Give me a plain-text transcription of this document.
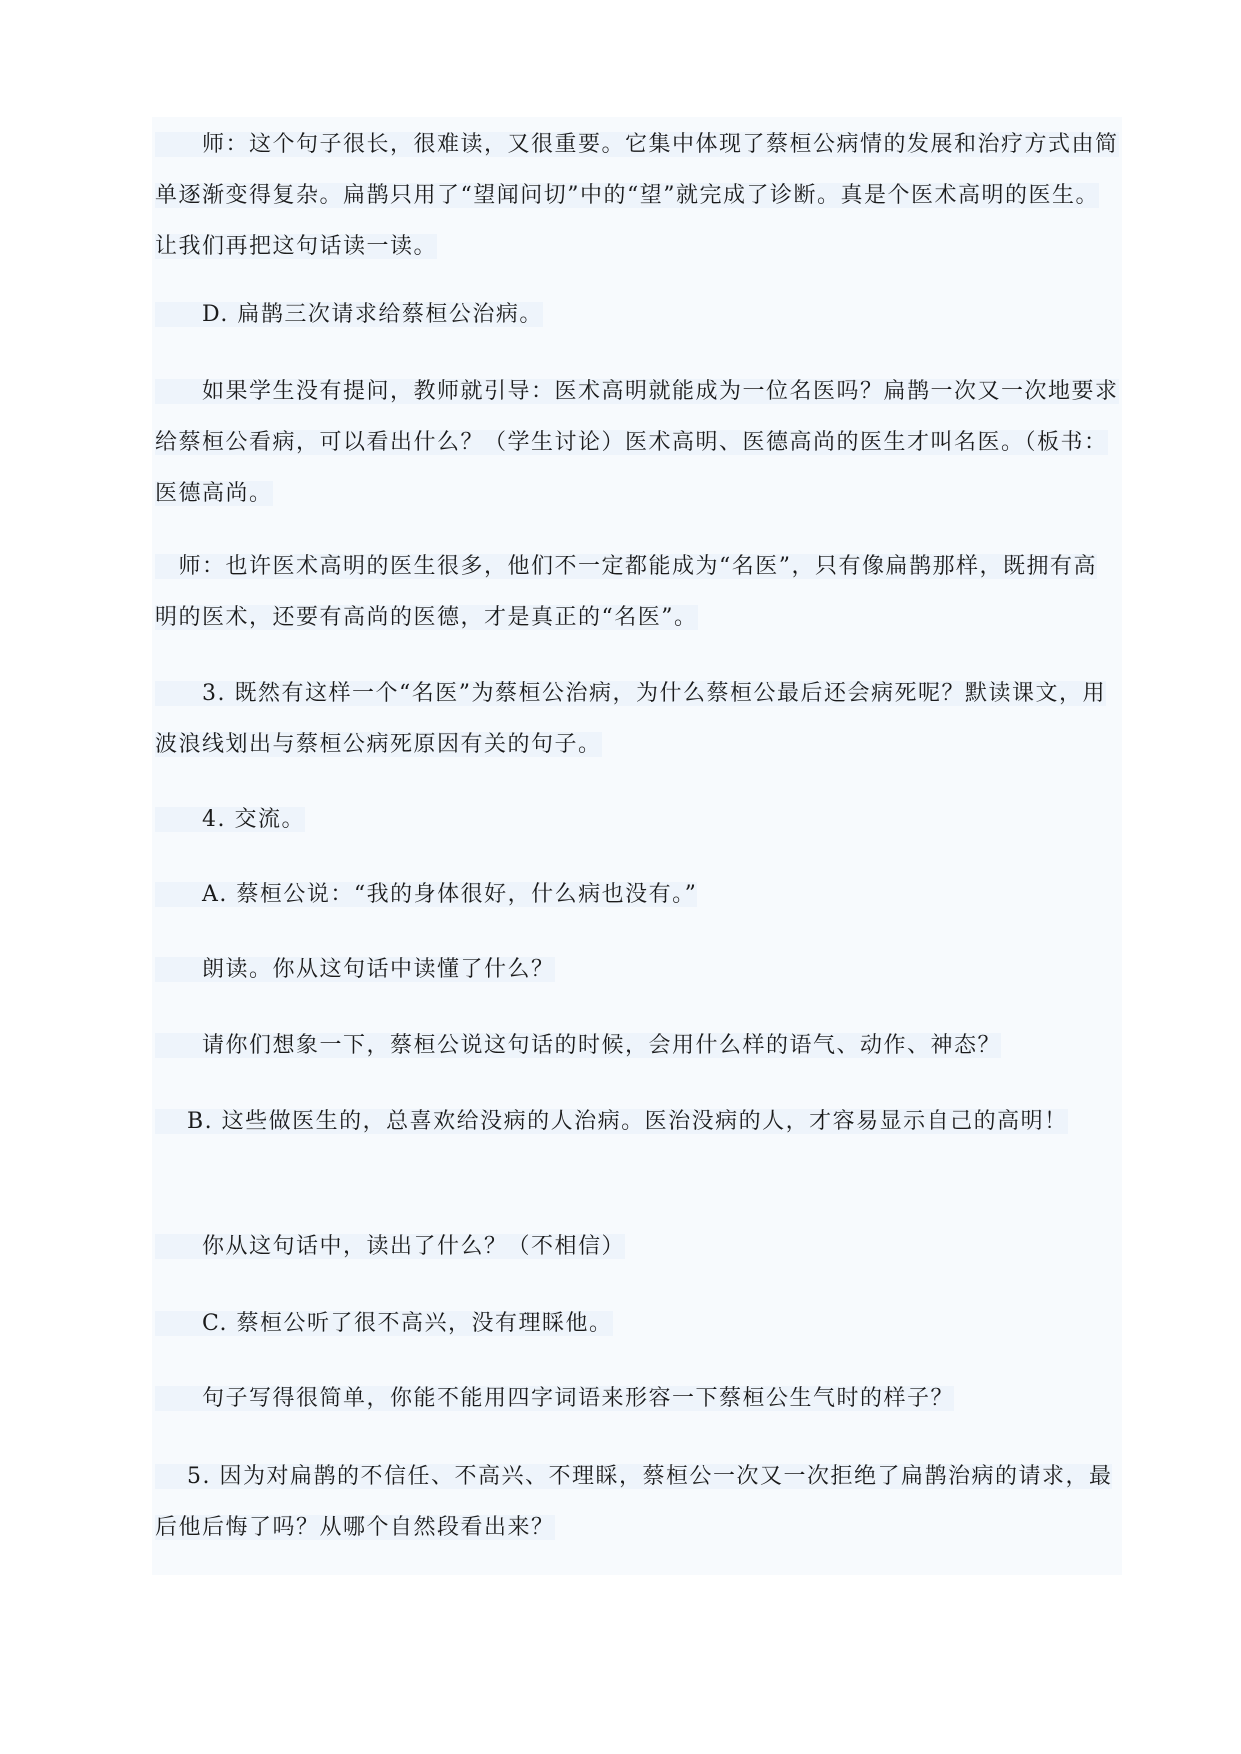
　　师：这个句子很长，很难读，又很重要。它集中体现了蔡桓公病情的发展和治疗方式由简单逐渐变得复杂。扁鹊只用了“望闻问切”中的“望”就完成了诊断。真是个医术高明的医生。让我们再把这句话读一读。
　　D. 扁鹊三次请求给蔡桓公治病。
　　如果学生没有提问，教师就引导：医术高明就能成为一位名医吗？扁鹊一次又一次地要求给蔡桓公看病，可以看出什么？（学生讨论）医术高明、医德高尚的医生才叫名医。（板书：医德高尚。
　师：也许医术高明的医生很多，他们不一定都能成为“名医”，只有像扁鹊那样，既拥有高明的医术，还要有高尚的医德，才是真正的“名医”。
　　3. 既然有这样一个“名医”为蔡桓公治病，为什么蔡桓公最后还会病死呢？默读课文，用波浪线划出与蔡桓公病死原因有关的句子。
　　4. 交流。
　　A. 蔡桓公说：“我的身体很好，什么病也没有。”
　　朗读。你从这句话中读懂了什么？
　　请你们想象一下，蔡桓公说这句话的时候，会用什么样的语气、动作、神态？
　 B. 这些做医生的，总喜欢给没病的人治病。医治没病的人，才容易显示自己的高明！
　　你从这句话中，读出了什么？（不相信）
　　C. 蔡桓公听了很不高兴，没有理睬他。
　　句子写得很简单，你能不能用四字词语来形容一下蔡桓公生气时的样子？
　 5. 因为对扁鹊的不信任、不高兴、不理睬，蔡桓公一次又一次拒绝了扁鹊治病的请求，最后他后悔了吗？从哪个自然段看出来？
